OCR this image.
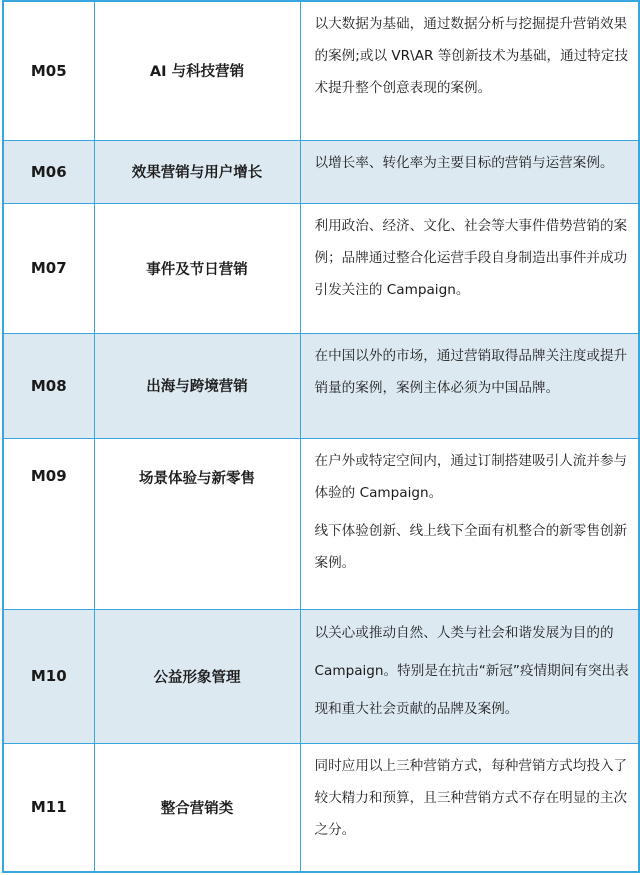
M05	AI 与科技营销	以大数据为基础，通过数据分析与挖掘提升营销效果的案例;或以 VR\AR 等创新技术为基础，通过特定技术提升整个创意表现的案例。

M06	效果营销与用户增长	以增长率、转化率为主要目标的营销与运营案例。

M07	事件及节日营销	利用政治、经济、文化、社会等大事件借势营销的案例；品牌通过整合化运营手段自身制造出事件并成功引发关注的 Campaign。

M08	出海与跨境营销	在中国以外的市场，通过营销取得品牌关注度或提升销量的案例，案例主体必须为中国品牌。

M09	场景体验与新零售	在户外或特定空间内，通过订制搭建吸引人流并参与体验的 Campaign。
线下体验创新、线上线下全面有机整合的新零售创新案例。

M10	公益形象管理	以关心或推动自然、人类与社会和谐发展为目的的 Campaign。特别是在抗击“新冠”疫情期间有突出表现和重大社会贡献的品牌及案例。

M11	整合营销类	同时应用以上三种营销方式，每种营销方式均投入了较大精力和预算，且三种营销方式不存在明显的主次之分。
